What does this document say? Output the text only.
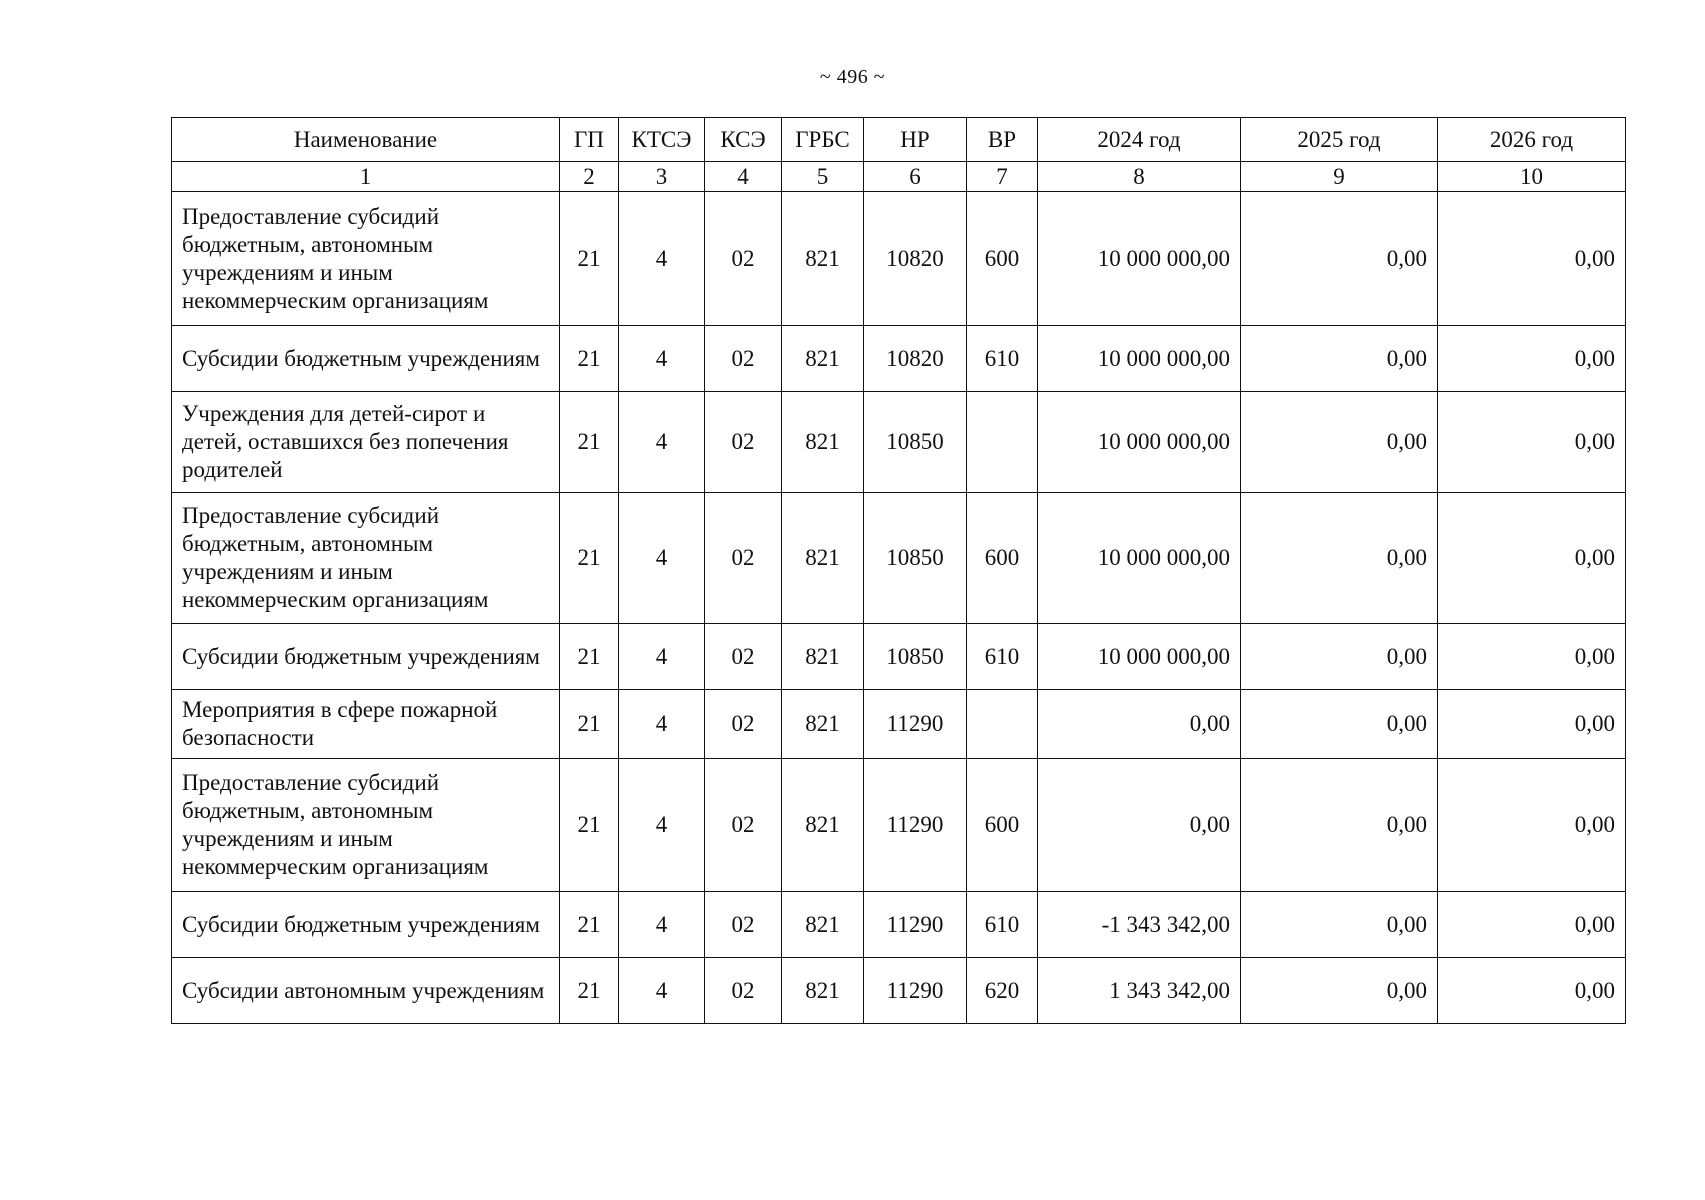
~ 496 ~
Наименование	ГП	КТСЭ	КСЭ	ГРБС	НР	ВР	2024 год	2025 год	2026 год
1	2	3	4	5	6	7	8	9	10
Предоставление субсидий бюджетным, автономным учреждениям и иным некоммерческим организациям	21	4	02	821	10820	600	10 000 000,00	0,00	0,00
Субсидии бюджетным учреждениям	21	4	02	821	10820	610	10 000 000,00	0,00	0,00
Учреждения для детей-сирот и детей, оставшихся без попечения родителей	21	4	02	821	10850		10 000 000,00	0,00	0,00
Предоставление субсидий бюджетным, автономным учреждениям и иным некоммерческим организациям	21	4	02	821	10850	600	10 000 000,00	0,00	0,00
Субсидии бюджетным учреждениям	21	4	02	821	10850	610	10 000 000,00	0,00	0,00
Мероприятия в сфере пожарной безопасности	21	4	02	821	11290		0,00	0,00	0,00
Предоставление субсидий бюджетным, автономным учреждениям и иным некоммерческим организациям	21	4	02	821	11290	600	0,00	0,00	0,00
Субсидии бюджетным учреждениям	21	4	02	821	11290	610	-1 343 342,00	0,00	0,00
Субсидии автономным учреждениям	21	4	02	821	11290	620	1 343 342,00	0,00	0,00
